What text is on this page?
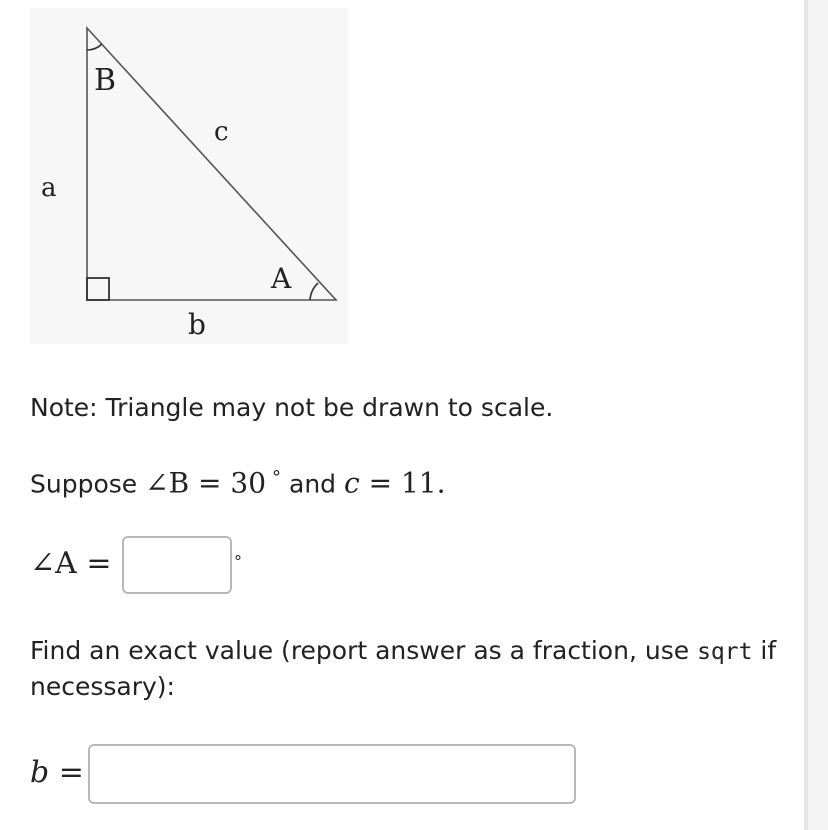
B
A
c
a
b
Note: Triangle may not be drawn to scale.
Suppose ∠B = 30 ° and c = 11.
∠A =	°
Find an exact value (report answer as a fraction, use sqrt if
necessary):
b =
